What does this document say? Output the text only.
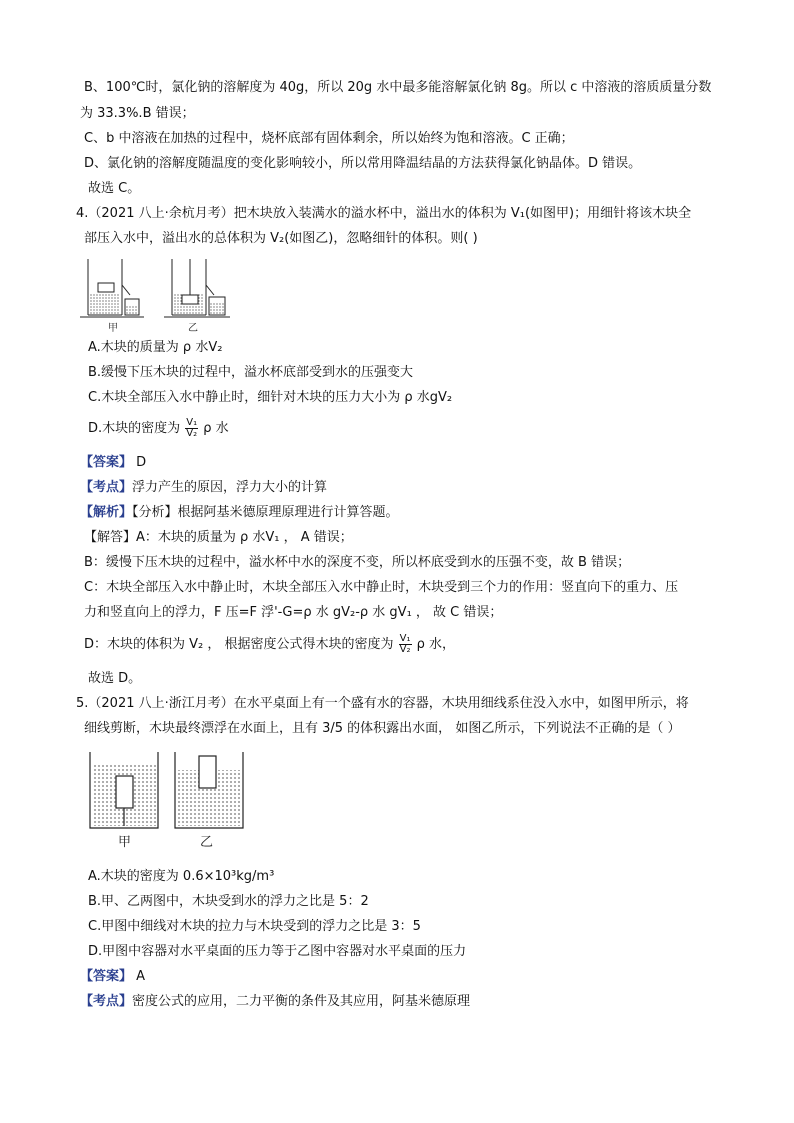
B、100℃时，氯化钠的溶解度为 40g，所以 20g 水中最多能溶解氯化钠 8g。所以 c 中溶液的溶质质量分数
为 33.3%.B 错误；
C、b 中溶液在加热的过程中，烧杯底部有固体剩余，所以始终为饱和溶液。C 正确；
D、氯化钠的溶解度随温度的变化影响较小，所以常用降温结晶的方法获得氯化钠晶体。D 错误。
故选 C。
4.（2021 八上·余杭月考）把木块放入装满水的溢水杯中，溢出水的体积为 V₁(如图甲)；用细针将该木块全
部压入水中，溢出水的总体积为 V₂(如图乙)，忽略细针的体积。则( )
甲	乙
A.木块的质量为 ρ 水V₂
B.缓慢下压木块的过程中，溢水杯底部受到水的压强变大
C.木块全部压入水中静止时，细针对木块的压力大小为 ρ 水gV₂
D.木块的密度为 $\frac{\text{V₁}}{\text{V₂}}$ ρ 水
【答案】 D
【考点】浮力产生的原因，浮力大小的计算
【解析】【分析】根据阿基米德原理原理进行计算答题。
【解答】A：木块的质量为 ρ 水V₁ ， A 错误；
B：缓慢下压木块的过程中，溢水杯中水的深度不变，所以杯底受到水的压强不变，故 B 错误；
C：木块全部压入水中静止时，木块全部压入水中静止时，木块受到三个力的作用：竖直向下的重力、压
力和竖直向上的浮力，F 压=F 浮'-G=ρ 水 gV₂-ρ 水 gV₁ ， 故 C 错误；
D：木块的体积为 V₂ ， 根据密度公式得木块的密度为 $\frac{\text{V₁}}{\text{V₂}}$ ρ 水，
故选 D。
5.（2021 八上·浙江月考）在水平桌面上有一个盛有水的容器，木块用细线系住没入水中，如图甲所示，将
细线剪断，木块最终漂浮在水面上，且有 3/5 的体积露出水面， 如图乙所示，下列说法不正确的是（ ）
甲	乙
A.木块的密度为 0.6×10³kg/m³
B.甲、乙两图中，木块受到水的浮力之比是 5：2
C.甲图中细线对木块的拉力与木块受到的浮力之比是 3：5
D.甲图中容器对水平桌面的压力等于乙图中容器对水平桌面的压力
【答案】 A
【考点】密度公式的应用，二力平衡的条件及其应用，阿基米德原理
